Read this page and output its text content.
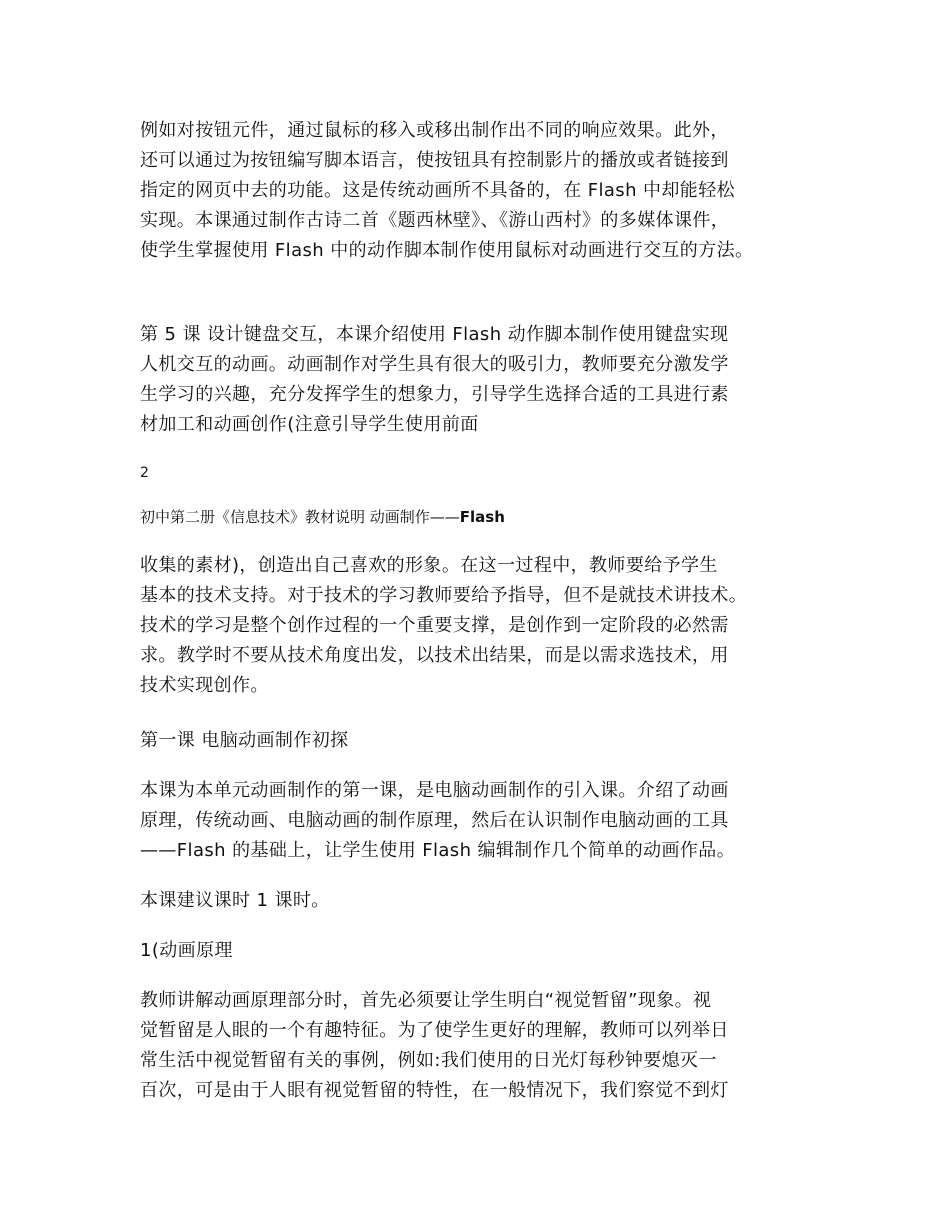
例如对按钮元件，通过鼠标的移入或移出制作出不同的响应效果。此外，
还可以通过为按钮编写脚本语言，使按钮具有控制影片的播放或者链接到
指定的网页中去的功能。这是传统动画所不具备的，在 Flash 中却能轻松
实现。本课通过制作古诗二首《题西林壁》、《游山西村》的多媒体课件，
使学生掌握使用 Flash 中的动作脚本制作使用鼠标对动画进行交互的方法。
第 5 课 设计键盘交互，本课介绍使用 Flash 动作脚本制作使用键盘实现
人机交互的动画。动画制作对学生具有很大的吸引力，教师要充分激发学
生学习的兴趣，充分发挥学生的想象力，引导学生选择合适的工具进行素
材加工和动画创作(注意引导学生使用前面
2
初中第二册《信息技术》教材说明 动画制作——Flash
收集的素材)，创造出自己喜欢的形象。在这一过程中，教师要给予学生
基本的技术支持。对于技术的学习教师要给予指导，但不是就技术讲技术。
技术的学习是整个创作过程的一个重要支撑，是创作到一定阶段的必然需
求。教学时不要从技术角度出发，以技术出结果，而是以需求选技术，用
技术实现创作。
第一课 电脑动画制作初探
本课为本单元动画制作的第一课，是电脑动画制作的引入课。介绍了动画
原理，传统动画、电脑动画的制作原理，然后在认识制作电脑动画的工具
——Flash 的基础上，让学生使用 Flash 编辑制作几个简单的动画作品。
本课建议课时 1 课时。
1(动画原理
教师讲解动画原理部分时，首先必须要让学生明白“视觉暂留”现象。视
觉暂留是人眼的一个有趣特征。为了使学生更好的理解，教师可以列举日
常生活中视觉暂留有关的事例，例如:我们使用的日光灯每秒钟要熄灭一
百次，可是由于人眼有视觉暂留的特性，在一般情况下，我们察觉不到灯
